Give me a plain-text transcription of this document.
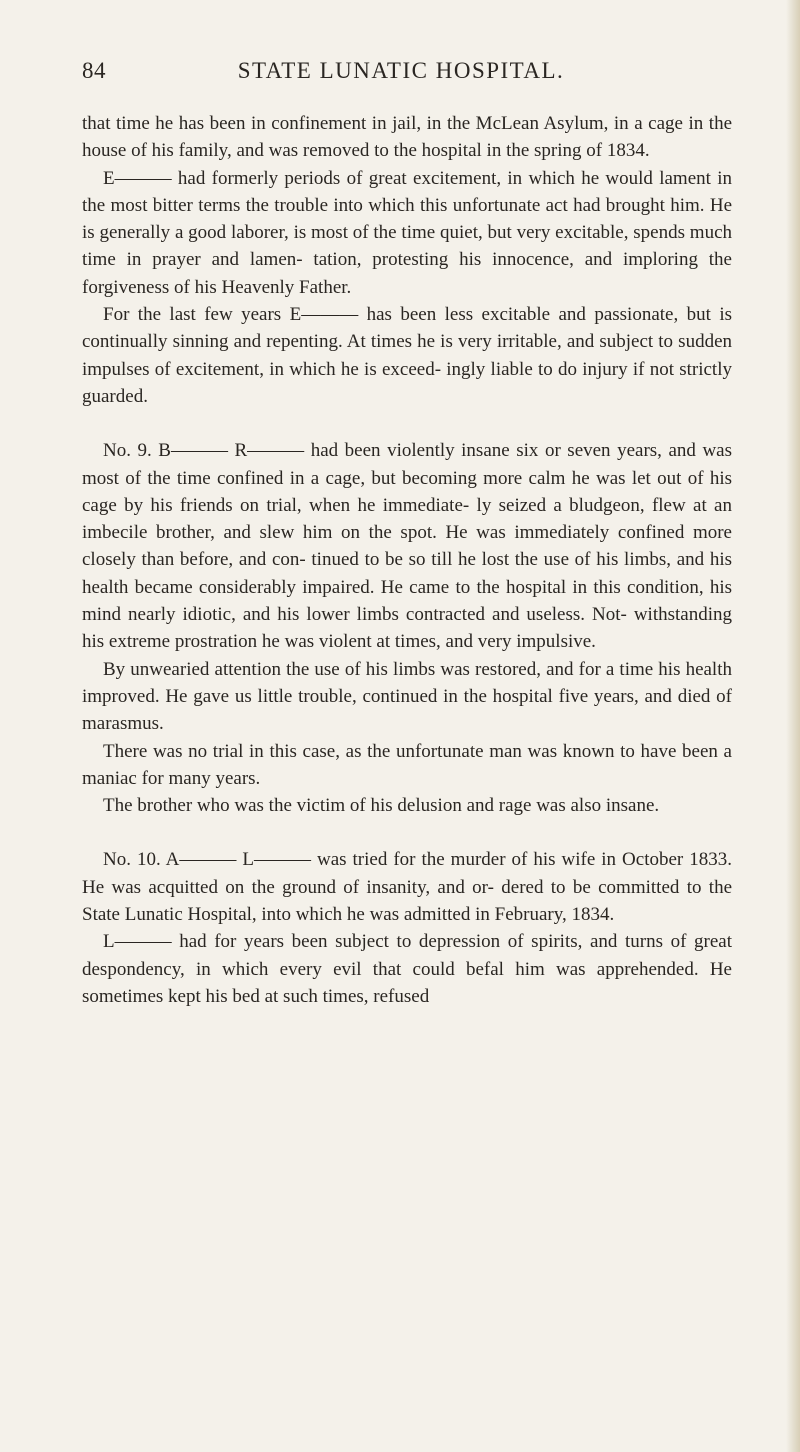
84	STATE LUNATIC HOSPITAL.

that time he has been in confinement in jail, in the McLean Asylum, in a cage in the house of his family, and was removed to the hospital in the spring of 1834.

E——— had formerly periods of great excitement, in which he would lament in the most bitter terms the trouble into which this unfortunate act had brought him. He is generally a good laborer, is most of the time quiet, but very excitable, spends much time in prayer and lamen- tation, protesting his innocence, and imploring the forgiveness of his Heavenly Father.

For the last few years E——— has been less excitable and passionate, but is continually sinning and repenting. At times he is very irritable, and subject to sudden impulses of excitement, in which he is exceed- ingly liable to do injury if not strictly guarded.

No. 9. B——— R——— had been violently insane six or seven years, and was most of the time confined in a cage, but becoming more calm he was let out of his cage by his friends on trial, when he immediate- ly seized a bludgeon, flew at an imbecile brother, and slew him on the spot. He was immediately confined more closely than before, and con- tinued to be so till he lost the use of his limbs, and his health became considerably impaired. He came to the hospital in this condition, his mind nearly idiotic, and his lower limbs contracted and useless. Not- withstanding his extreme prostration he was violent at times, and very impulsive.

By unwearied attention the use of his limbs was restored, and for a time his health improved. He gave us little trouble, continued in the hospital five years, and died of marasmus.

There was no trial in this case, as the unfortunate man was known to have been a maniac for many years.

The brother who was the victim of his delusion and rage was also insane.

No. 10. A——— L——— was tried for the murder of his wife in October 1833. He was acquitted on the ground of insanity, and or- dered to be committed to the State Lunatic Hospital, into which he was admitted in February, 1834.

L——— had for years been subject to depression of spirits, and turns of great despondency, in which every evil that could befal him was apprehended. He sometimes kept his bed at such times, refused
